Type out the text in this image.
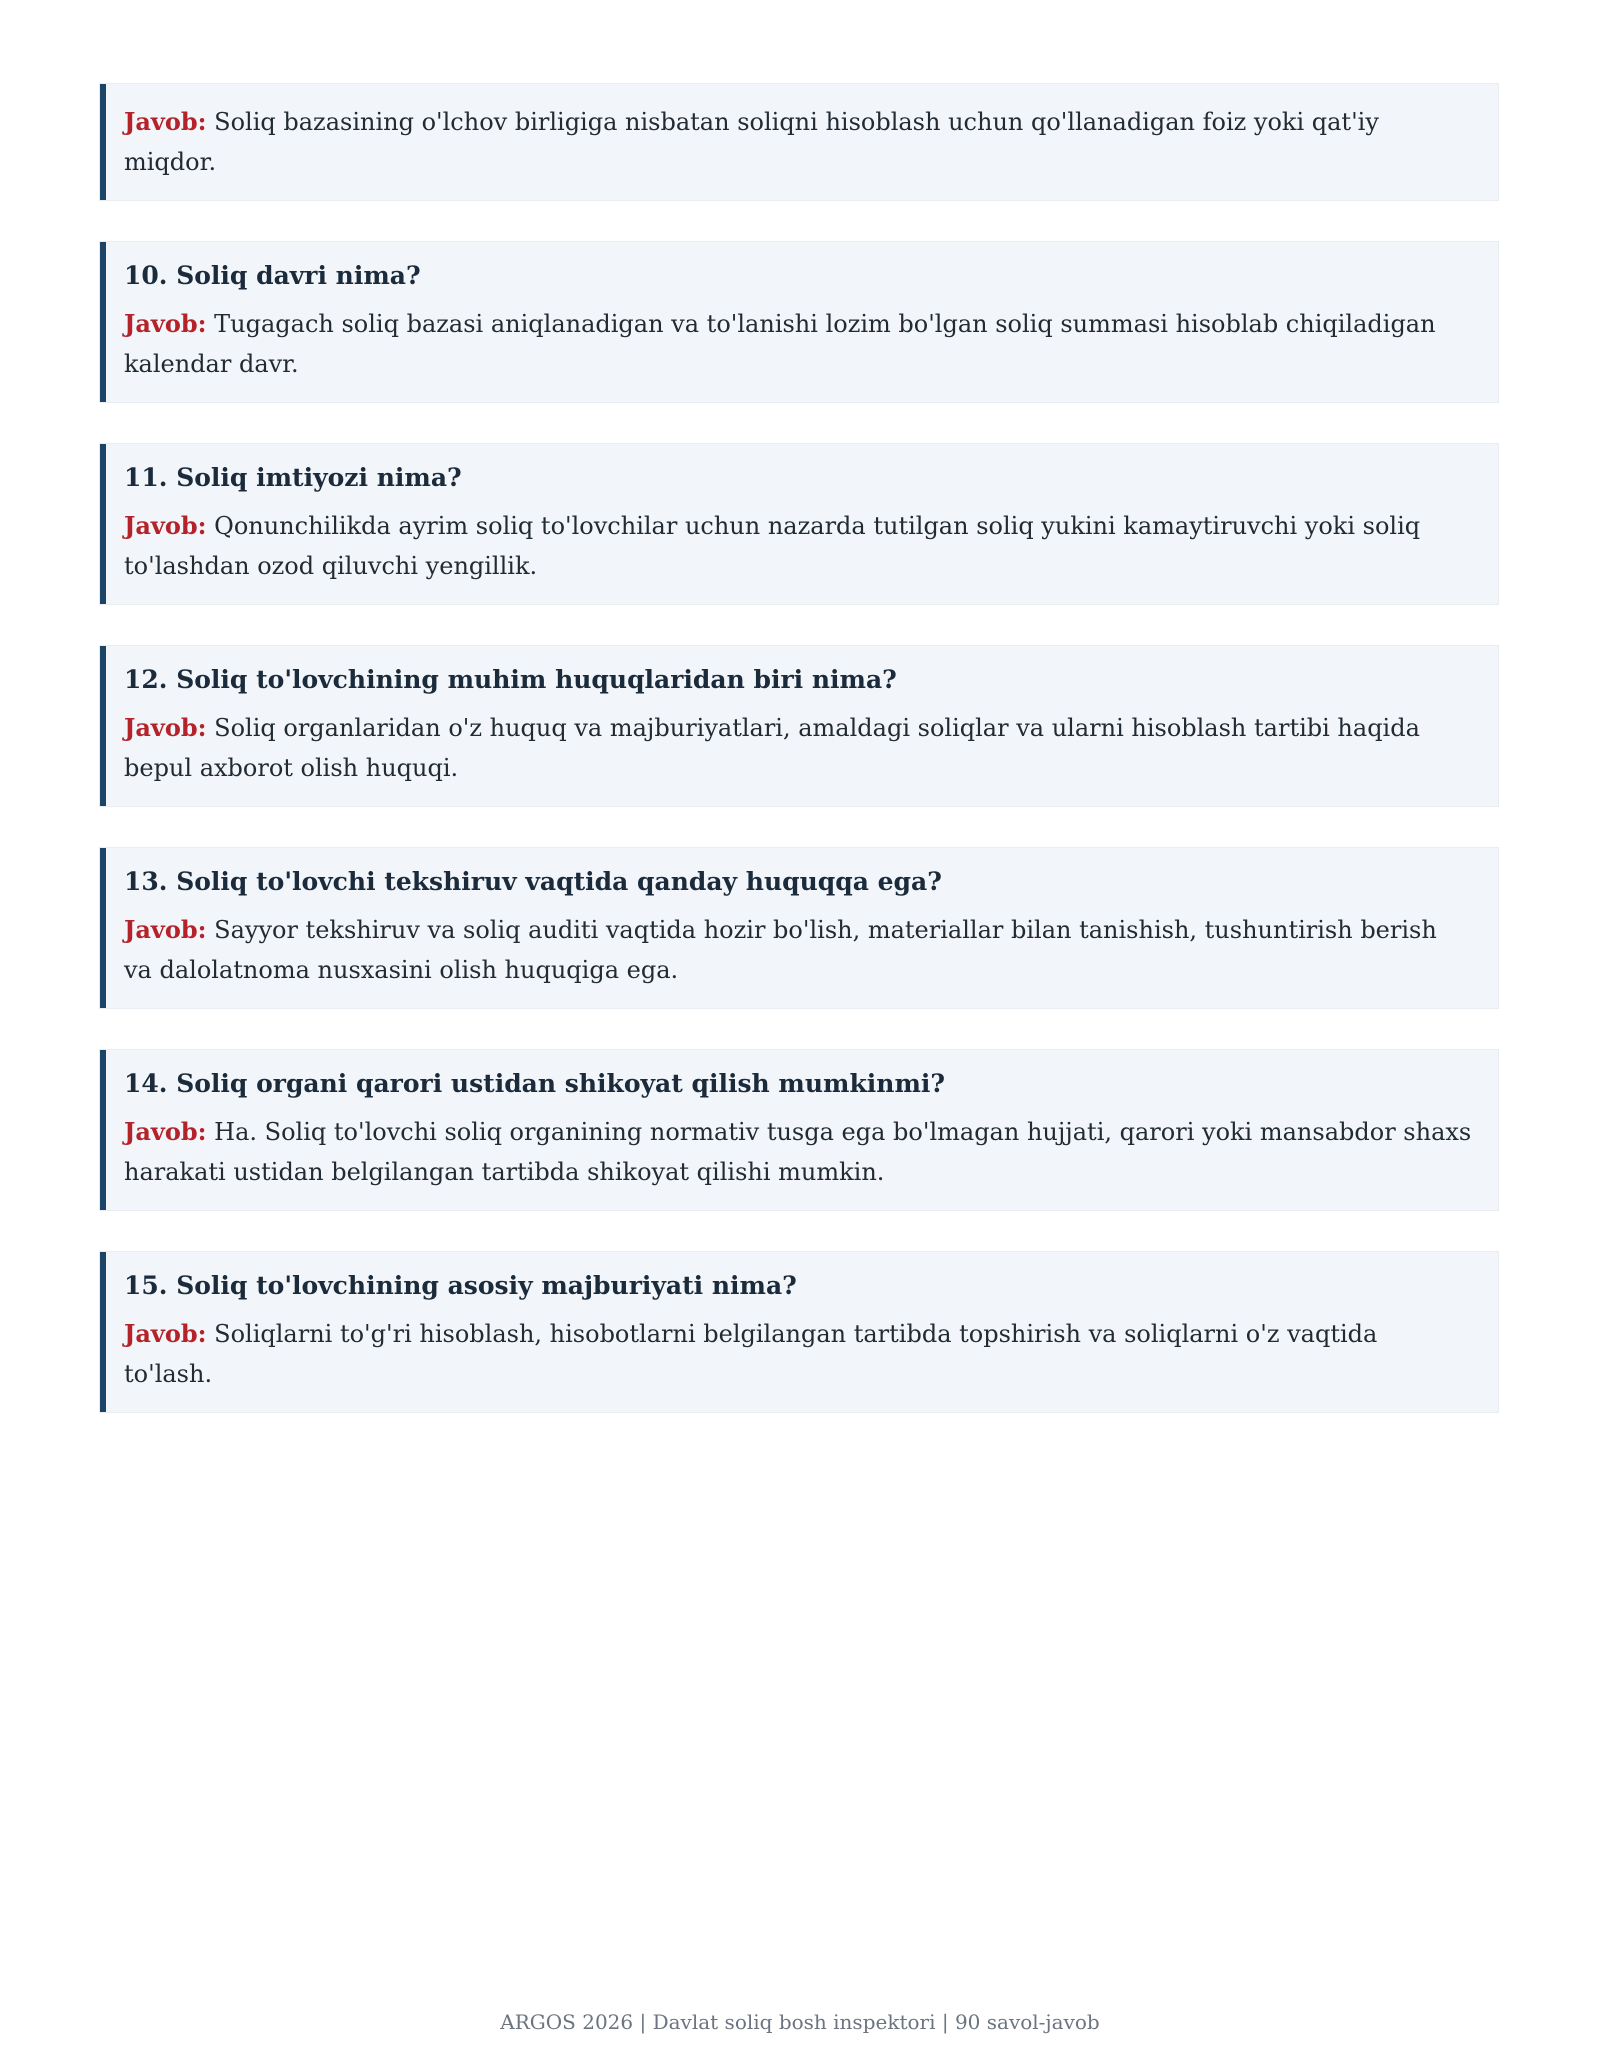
Javob: Soliq bazasining o'lchov birligiga nisbatan soliqni hisoblash uchun qo'llanadigan foiz yoki qat'iy miqdor.

10. Soliq davri nima?

Javob: Tugagach soliq bazasi aniqlanadigan va to'lanishi lozim bo'lgan soliq summasi hisoblab chiqiladigan kalendar davr.

11. Soliq imtiyozi nima?

Javob: Qonunchilikda ayrim soliq to'lovchilar uchun nazarda tutilgan soliq yukini kamaytiruvchi yoki soliq to'lashdan ozod qiluvchi yengillik.

12. Soliq to'lovchining muhim huquqlaridan biri nima?

Javob: Soliq organlaridan o'z huquq va majburiyatlari, amaldagi soliqlar va ularni hisoblash tartibi haqida bepul axborot olish huquqi.

13. Soliq to'lovchi tekshiruv vaqtida qanday huquqqa ega?

Javob: Sayyor tekshiruv va soliq auditi vaqtida hozir bo'lish, materiallar bilan tanishish, tushuntirish berish va dalolatnoma nusxasini olish huquqiga ega.

14. Soliq organi qarori ustidan shikoyat qilish mumkinmi?

Javob: Ha. Soliq to'lovchi soliq organining normativ tusga ega bo'lmagan hujjati, qarori yoki mansabdor shaxs harakati ustidan belgilangan tartibda shikoyat qilishi mumkin.

15. Soliq to'lovchining asosiy majburiyati nima?

Javob: Soliqlarni to'g'ri hisoblash, hisobotlarni belgilangan tartibda topshirish va soliqlarni o'z vaqtida to'lash.

ARGOS 2026 | Davlat soliq bosh inspektori | 90 savol-javob
